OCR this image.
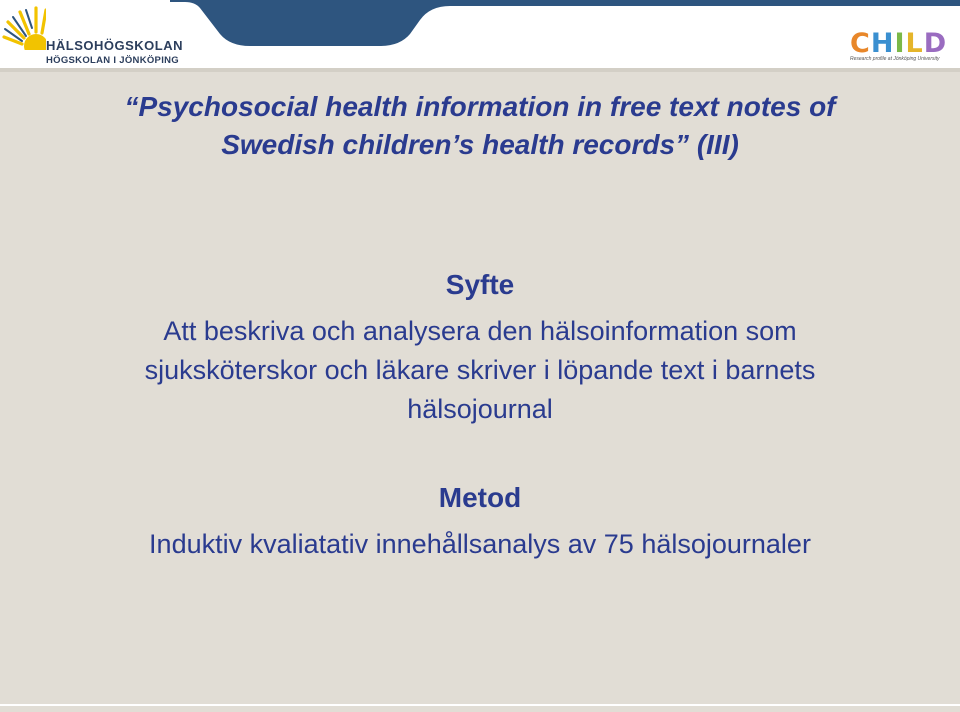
HÄLSOHÖGSKOLAN
HÖGSKOLAN I JÖNKÖPING
CHILD
Research profile at Jönköping University
“Psychosocial health information in free text notes of
Swedish children’s health records” (III)
Syfte
Att beskriva och analysera den hälsoinformation som
sjuksköterskor och läkare skriver i löpande text i barnets
hälsojournal
Metod
Induktiv kvaliatativ innehållsanalys av 75 hälsojournaler
